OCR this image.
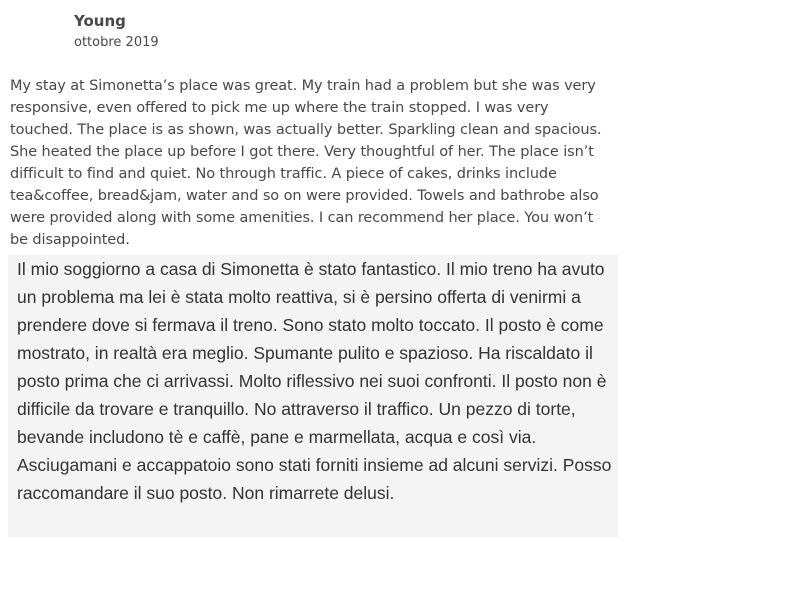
Young
ottobre 2019

My stay at Simonetta’s place was great. My train had a problem but she was very responsive, even offered to pick me up where the train stopped. I was very touched. The place is as shown, was actually better. Sparkling clean and spacious. She heated the place up before I got there. Very thoughtful of her. The place isn’t difficult to find and quiet. No through traffic. A piece of cakes, drinks include tea&coffee, bread&jam, water and so on were provided. Towels and bathrobe also were provided along with some amenities. I can recommend her place. You won’t be disappointed.

Il mio soggiorno a casa di Simonetta è stato fantastico. Il mio treno ha avuto un problema ma lei è stata molto reattiva, si è persino offerta di venirmi a prendere dove si fermava il treno. Sono stato molto toccato. Il posto è come mostrato, in realtà era meglio. Spumante pulito e spazioso. Ha riscaldato il posto prima che ci arrivassi. Molto riflessivo nei suoi confronti. Il posto non è difficile da trovare e tranquillo. No attraverso il traffico. Un pezzo di torte, bevande includono tè e caffè, pane e marmellata, acqua e così via. Asciugamani e accappatoio sono stati forniti insieme ad alcuni servizi. Posso raccomandare il suo posto. Non rimarrete delusi.
